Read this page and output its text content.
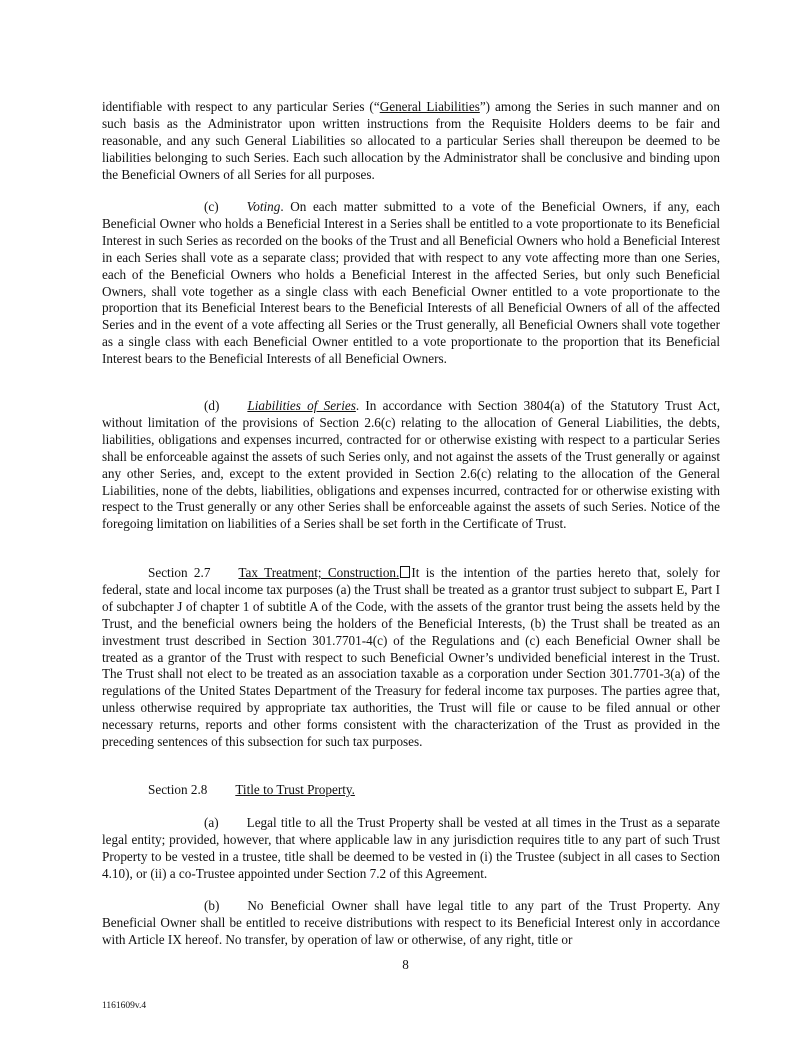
identifiable with respect to any particular Series (“General Liabilities”) among the Series in such manner and on such basis as the Administrator upon written instructions from the Requisite Holders deems to be fair and reasonable, and any such General Liabilities so allocated to a particular Series shall thereupon be deemed to be liabilities belonging to such Series. Each such allocation by the Administrator shall be conclusive and binding upon the Beneficial Owners of all Series for all purposes.

(c) Voting. On each matter submitted to a vote of the Beneficial Owners, if any, each Beneficial Owner who holds a Beneficial Interest in a Series shall be entitled to a vote proportionate to its Beneficial Interest in such Series as recorded on the books of the Trust and all Beneficial Owners who hold a Beneficial Interest in each Series shall vote as a separate class; provided that with respect to any vote affecting more than one Series, each of the Beneficial Owners who holds a Beneficial Interest in the affected Series, but only such Beneficial Owners, shall vote together as a single class with each Beneficial Owner entitled to a vote proportionate to the proportion that its Beneficial Interest bears to the Beneficial Interests of all Beneficial Owners of all of the affected Series and in the event of a vote affecting all Series or the Trust generally, all Beneficial Owners shall vote together as a single class with each Beneficial Owner entitled to a vote proportionate to the proportion that its Beneficial Interest bears to the Beneficial Interests of all Beneficial Owners.

(d) Liabilities of Series. In accordance with Section 3804(a) of the Statutory Trust Act, without limitation of the provisions of Section 2.6(c) relating to the allocation of General Liabilities, the debts, liabilities, obligations and expenses incurred, contracted for or otherwise existing with respect to a particular Series shall be enforceable against the assets of such Series only, and not against the assets of the Trust generally or against any other Series, and, except to the extent provided in Section 2.6(c) relating to the allocation of the General Liabilities, none of the debts, liabilities, obligations and expenses incurred, contracted for or otherwise existing with respect to the Trust generally or any other Series shall be enforceable against the assets of such Series. Notice of the foregoing limitation on liabilities of a Series shall be set forth in the Certificate of Trust.

Section 2.7 Tax Treatment; Construction. It is the intention of the parties hereto that, solely for federal, state and local income tax purposes (a) the Trust shall be treated as a grantor trust subject to subpart E, Part I of subchapter J of chapter 1 of subtitle A of the Code, with the assets of the grantor trust being the assets held by the Trust, and the beneficial owners being the holders of the Beneficial Interests, (b) the Trust shall be treated as an investment trust described in Section 301.7701-4(c) of the Regulations and (c) each Beneficial Owner shall be treated as a grantor of the Trust with respect to such Beneficial Owner’s undivided beneficial interest in the Trust. The Trust shall not elect to be treated as an association taxable as a corporation under Section 301.7701-3(a) of the regulations of the United States Department of the Treasury for federal income tax purposes. The parties agree that, unless otherwise required by appropriate tax authorities, the Trust will file or cause to be filed annual or other necessary returns, reports and other forms consistent with the characterization of the Trust as provided in the preceding sentences of this subsection for such tax purposes.

Section 2.8 Title to Trust Property.

(a) Legal title to all the Trust Property shall be vested at all times in the Trust as a separate legal entity; provided, however, that where applicable law in any jurisdiction requires title to any part of such Trust Property to be vested in a trustee, title shall be deemed to be vested in (i) the Trustee (subject in all cases to Section 4.10), or (ii) a co-Trustee appointed under Section 7.2 of this Agreement.

(b) No Beneficial Owner shall have legal title to any part of the Trust Property. Any Beneficial Owner shall be entitled to receive distributions with respect to its Beneficial Interest only in accordance with Article IX hereof. No transfer, by operation of law or otherwise, of any right, title or

8

1161609v.4
